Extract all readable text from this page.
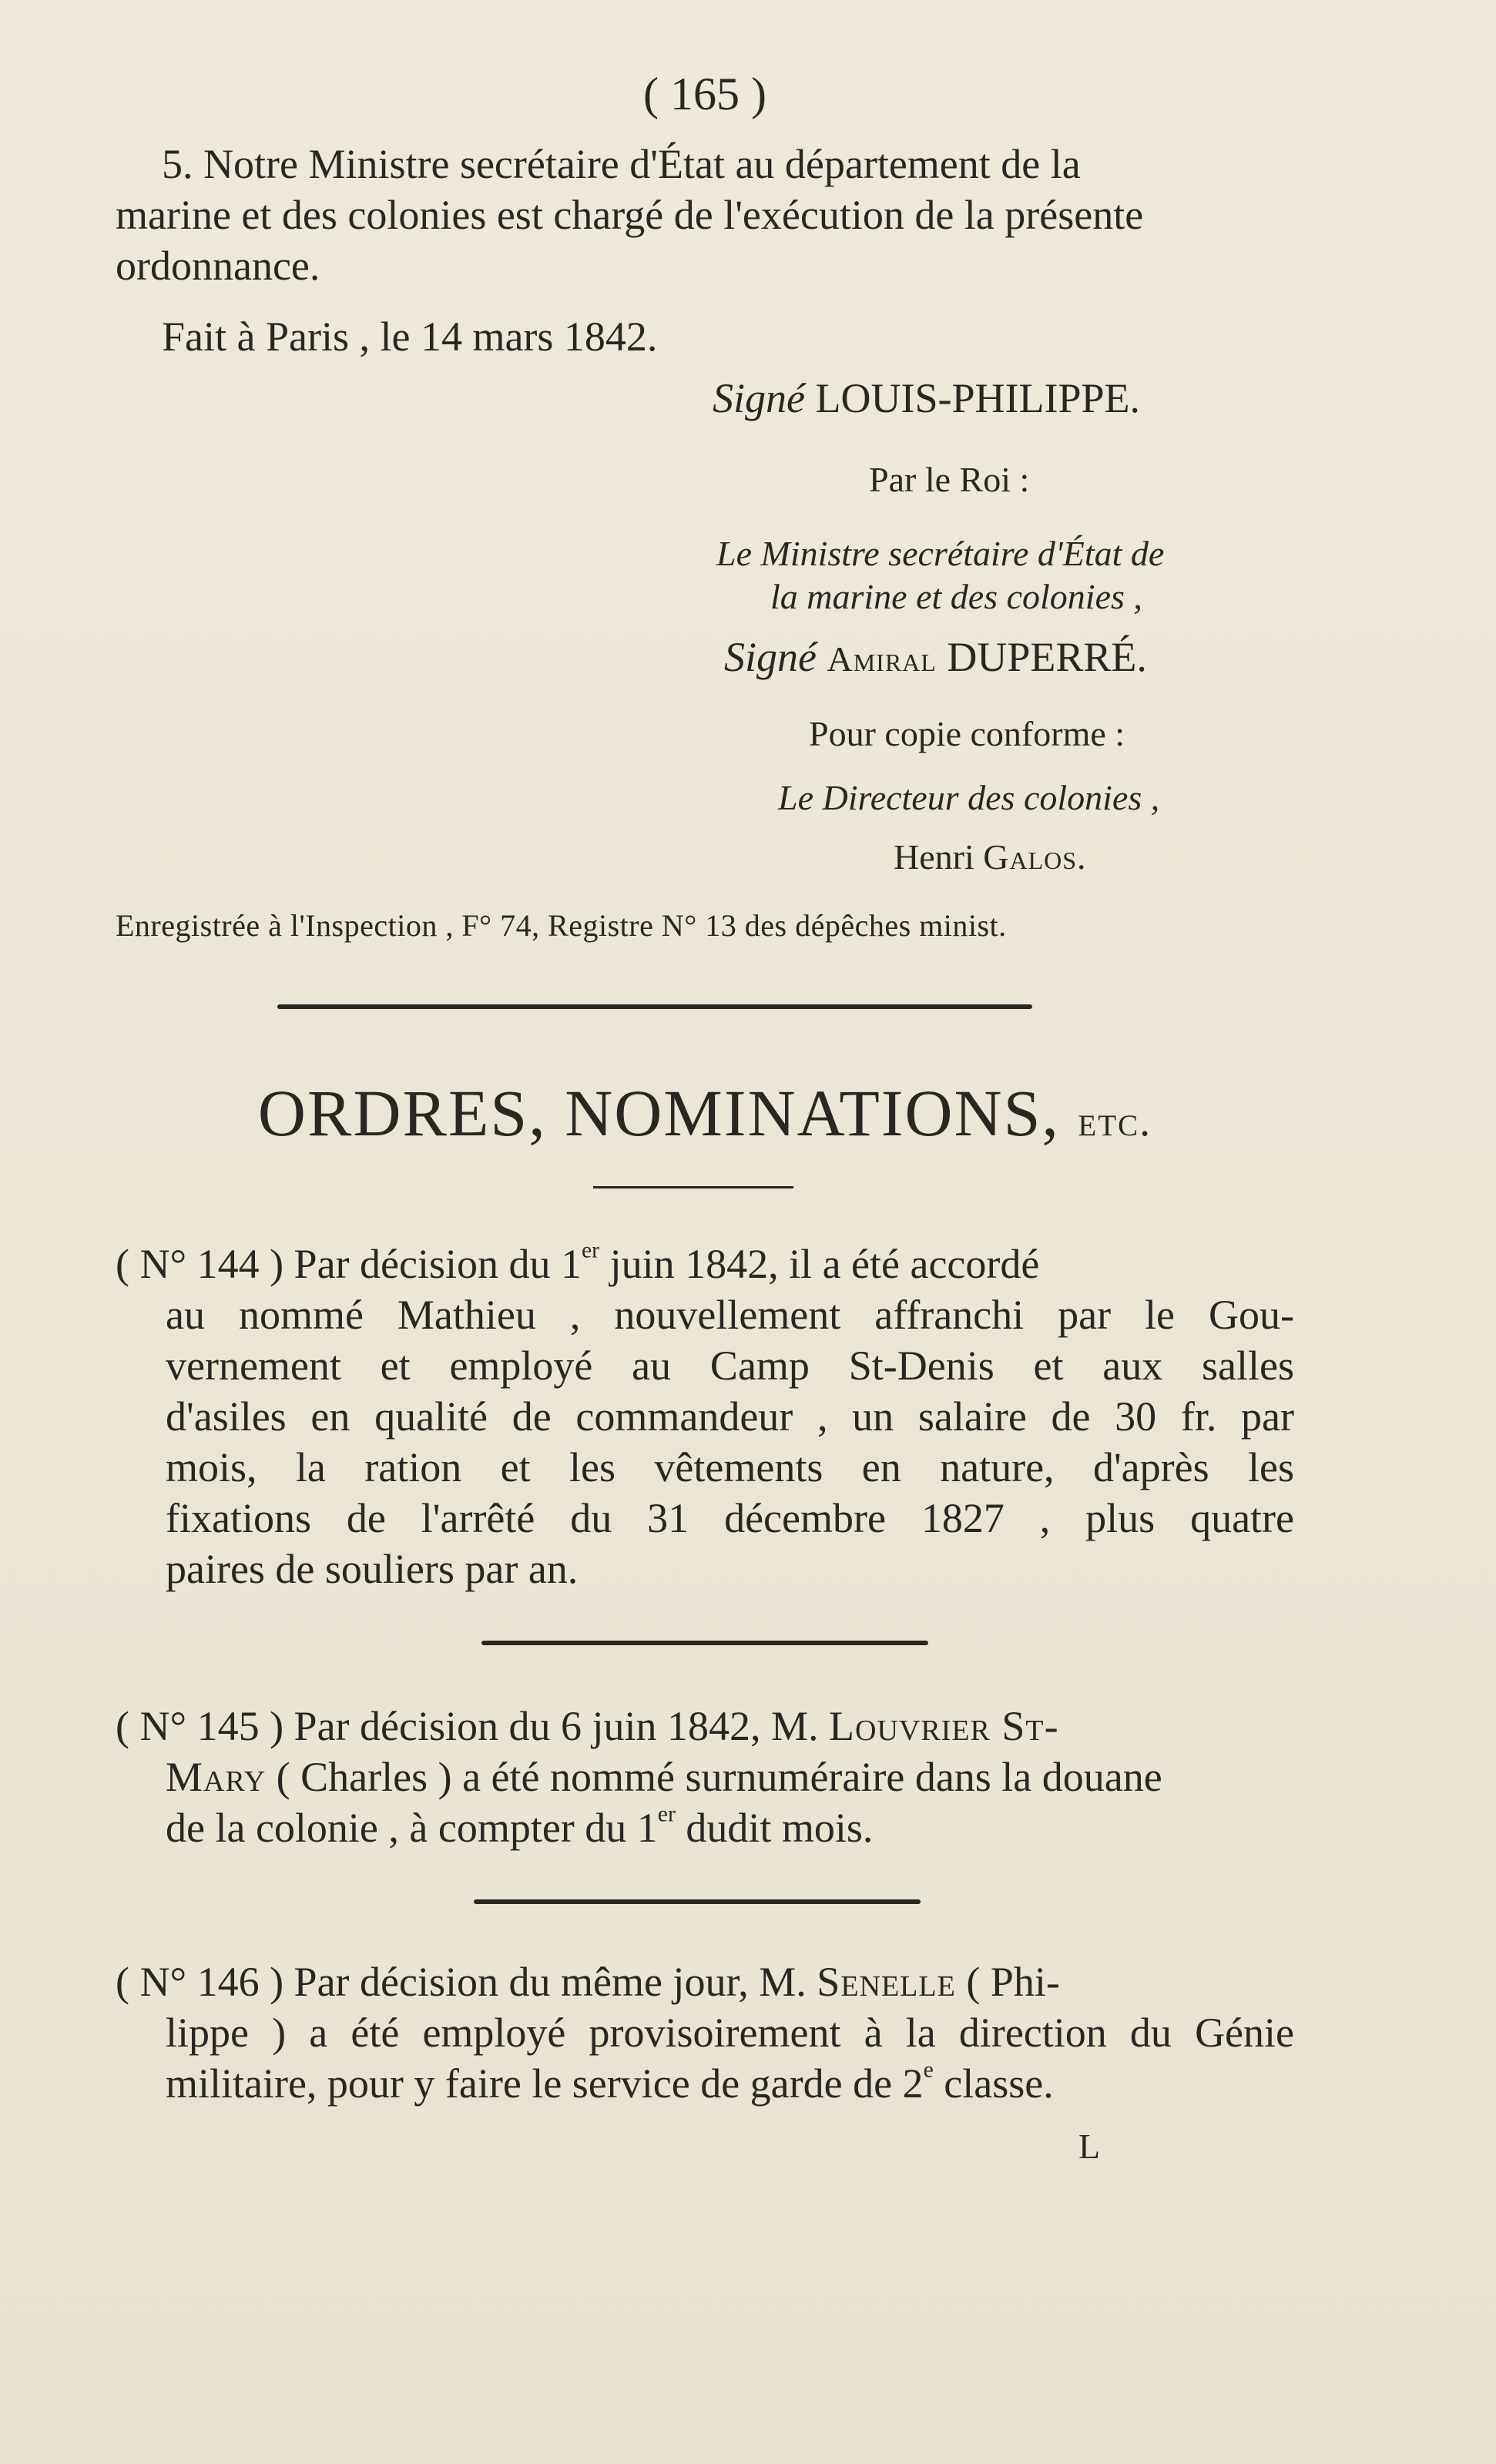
( 165 )
5. Notre Ministre secrétaire d'État au département de la
marine et des colonies est chargé de l'exécution de la présente
ordonnance.
Fait à Paris , le 14 mars 1842.
Signé LOUIS-PHILIPPE.
Par le Roi :
Le Ministre secrétaire d'État de
la marine et des colonies ,
Signé Amiral DUPERRÉ.
Pour copie conforme :
Le Directeur des colonies ,
Henri Galos.
Enregistrée à l'Inspection , F° 74, Registre N° 13 des dépêches minist.
ORDRES, NOMINATIONS, etc.
( N° 144 ) Par décision du 1er juin 1842, il a été accordé
au nommé Mathieu , nouvellement affranchi par le Gou-
vernement et employé au Camp St-Denis et aux salles
d'asiles en qualité de commandeur , un salaire de 30 fr. par
mois, la ration et les vêtements en nature, d'après les
fixations de l'arrêté du 31 décembre 1827 , plus quatre
paires de souliers par an.
( N° 145 ) Par décision du 6 juin 1842, M. Louvrier St-
Mary ( Charles ) a été nommé surnuméraire dans la douane
de la colonie , à compter du 1er dudit mois.
( N° 146 ) Par décision du même jour, M. Senelle ( Phi-
lippe ) a été employé provisoirement à la direction du Génie
militaire, pour y faire le service de garde de 2e classe.
L
